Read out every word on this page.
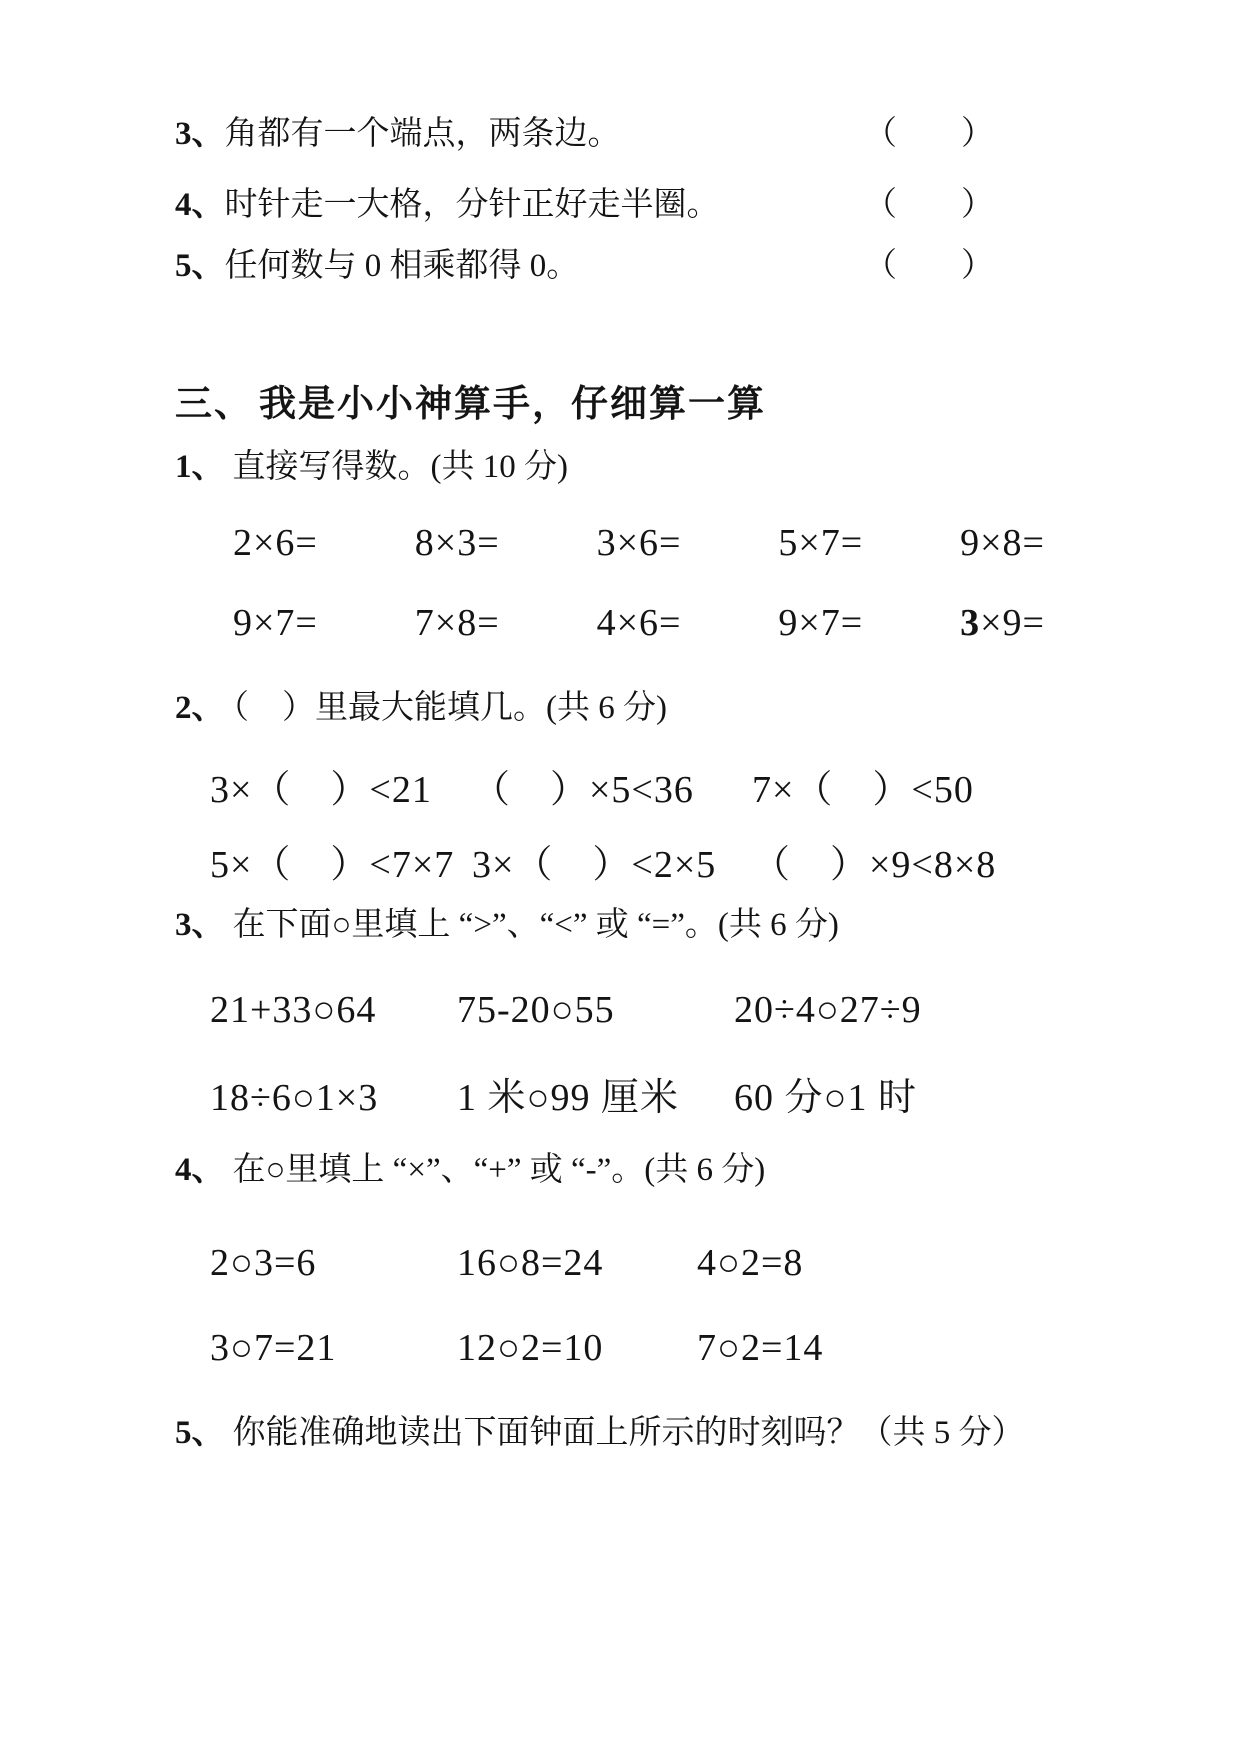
3、 角都有一个端点，两条边。	（ ）
4、 时针走一大格，分针正好走半圈。	（ ）
5、 任何数与 0 相乘都得 0。	（ ）
三、 我是小小神算手，仔细算一算
1、 直接写得数。(共 10 分)
2×6=	8×3=	3×6=	5×7=	9×8=
9×7=	7×8=	4×6=	9×7=	3×9=
2、 （　）里最大能填几。(共 6 分)
3×（　）<21	（　）×5<36	7×（　）<50
5×（　）<7×7 3×（　）<2×5 （　）×9<8×8
3、 在下面○里填上 “>”、“<” 或 “=”。(共 6 分)
21+33○64	75-20○55	20÷4○27÷9
18÷6○1×3	1 米○99 厘米	60 分○1 时
4、 在○里填上 “×”、“+” 或 “-”。(共 6 分)
2○3=6	16○8=24	4○2=8
3○7=21	12○2=10	7○2=14
5、 你能准确地读出下面钟面上所示的时刻吗？（共 5 分）
